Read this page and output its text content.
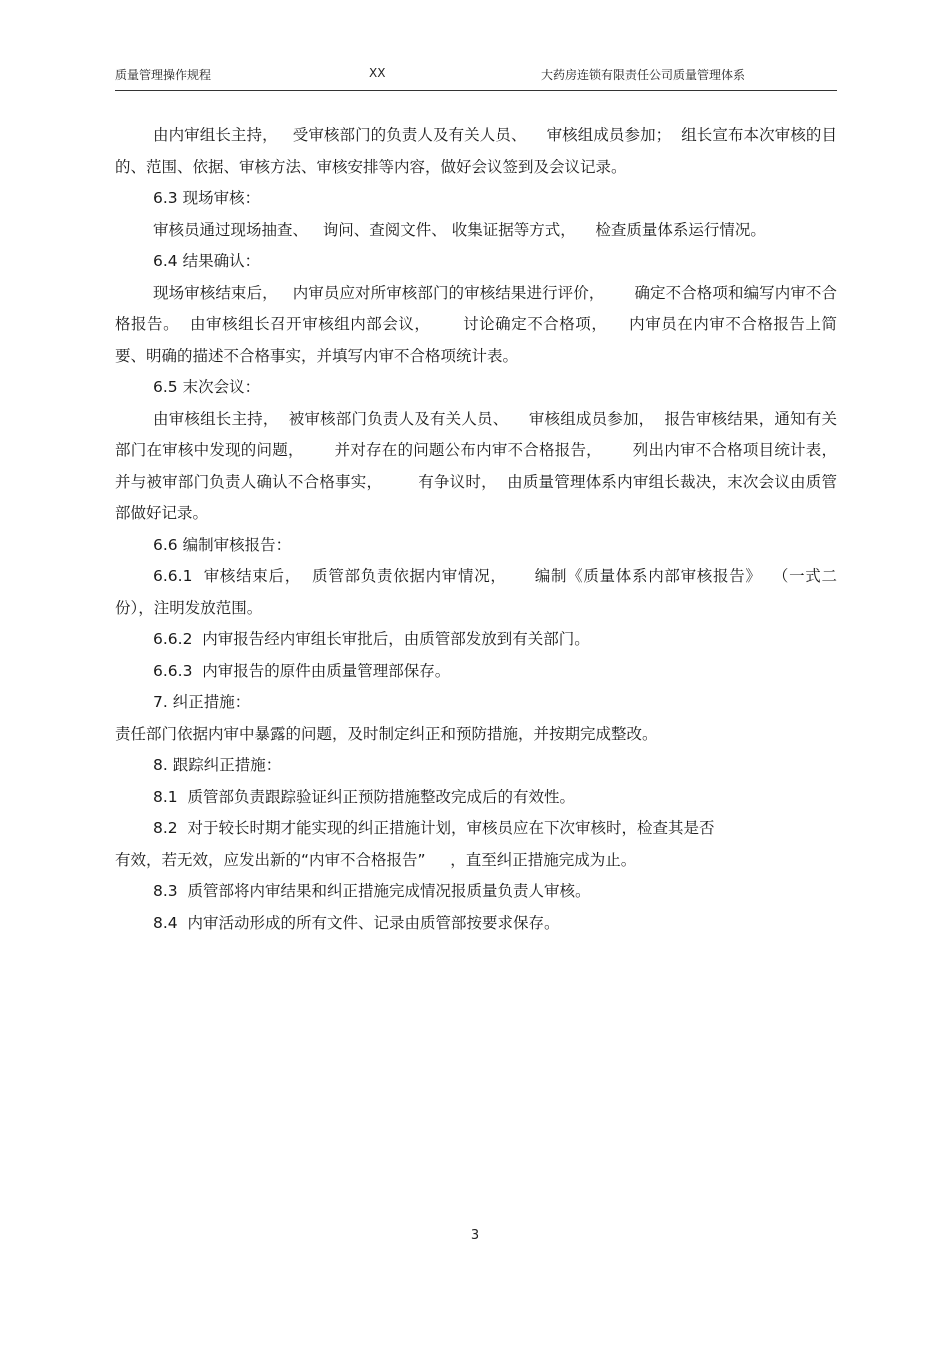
质量管理操作规程	XX	大药房连锁有限责任公司质量管理体系

由内审组长主持，   受审核部门的负责人及有关人员、    审核组成员参加；  组长宣布本次审核的目的、范围、依据、审核方法、审核安排等内容，做好会议签到及会议记录。

6.3 现场审核：

审核员通过现场抽查、   询问、查阅文件、 收集证据等方式，    检查质量体系运行情况。

6.4 结果确认：

现场审核结束后，   内审员应对所审核部门的审核结果进行评价，      确定不合格项和编写内审不合格报告。  由审核组长召开审核组内部会议，      讨论确定不合格项，    内审员在内审不合格报告上简要、明确的描述不合格事实，并填写内审不合格项统计表。

6.5 末次会议：

由审核组长主持，  被审核部门负责人及有关人员、    审核组成员参加，  报告审核结果，通知有关部门在审核中发现的问题，      并对存在的问题公布内审不合格报告，      列出内审不合格项目统计表，    并与被审部门负责人确认不合格事实，       有争议时，  由质量管理体系内审组长裁决，末次会议由质管部做好记录。

6.6 编制审核报告：

6.6.1  审核结束后，  质管部负责依据内审情况，     编制《质量体系内部审核报告》  （一式二份），注明发放范围。

6.6.2  内审报告经内审组长审批后，由质管部发放到有关部门。

6.6.3  内审报告的原件由质量管理部保存。

7. 纠正措施：

责任部门依据内审中暴露的问题，及时制定纠正和预防措施，并按期完成整改。

8. 跟踪纠正措施：

8.1  质管部负责跟踪验证纠正预防措施整改完成后的有效性。

8.2  对于较长时期才能实现的纠正措施计划，审核员应在下次审核时，检查其是否

有效，若无效，应发出新的“内审不合格报告”     ，直至纠正措施完成为止。

8.3  质管部将内审结果和纠正措施完成情况报质量负责人审核。

8.4  内审活动形成的所有文件、记录由质管部按要求保存。

3
